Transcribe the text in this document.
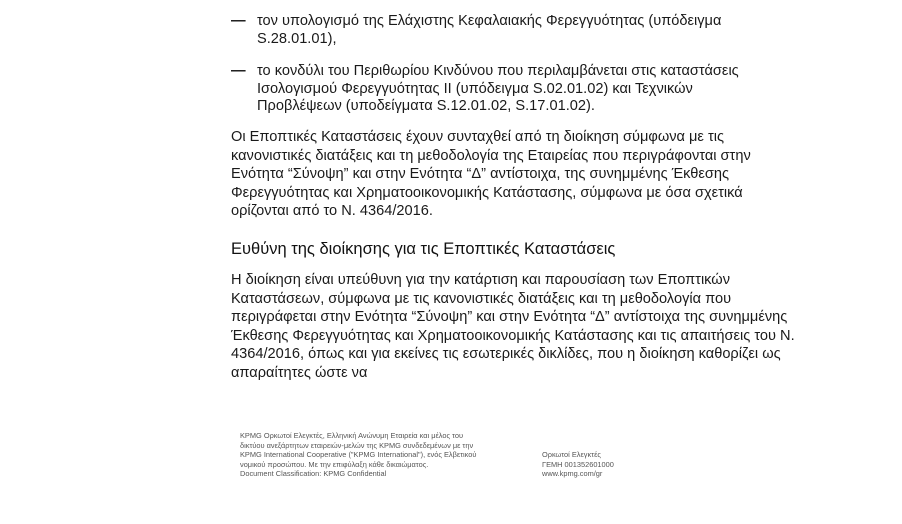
— τον υπολογισμό της Ελάχιστης Κεφαλαιακής Φερεγγυότητας (υπόδειγμα S.28.01.01),
— το κονδύλι του Περιθωρίου Κινδύνου που περιλαμβάνεται στις καταστάσεις Ισολογισμού Φερεγγυότητας II (υπόδειγμα S.02.01.02) και Τεχνικών Προβλέψεων (υποδείγματα S.12.01.02, S.17.01.02).

Οι Εποπτικές Καταστάσεις έχουν συνταχθεί από τη διοίκηση σύμφωνα με τις κανονιστικές διατάξεις και τη μεθοδολογία της Εταιρείας που περιγράφονται στην Ενότητα “Σύνοψη” και στην Ενότητα “Δ” αντίστοιχα, της συνημμένης Έκθεσης Φερεγγυότητας και Χρηματοοικονομικής Κατάστασης, σύμφωνα με όσα σχετικά ορίζονται από το Ν. 4364/2016.

Ευθύνη της διοίκησης για τις Εποπτικές Καταστάσεις

Η διοίκηση είναι υπεύθυνη για την κατάρτιση και παρουσίαση των Εποπτικών Καταστάσεων, σύμφωνα με τις κανονιστικές διατάξεις και τη μεθοδολογία που περιγράφεται στην Ενότητα “Σύνοψη” και στην Ενότητα “Δ” αντίστοιχα της συνημμένης Έκθεσης Φερεγγυότητας και Χρηματοοικονομικής Κατάστασης και τις απαιτήσεις του Ν. 4364/2016, όπως και για εκείνες τις εσωτερικές δικλίδες, που η διοίκηση καθορίζει ως απαραίτητες ώστε να

KPMG Ορκωτοί Ελεγκτές, Ελληνική Ανώνυμη Εταιρεία και μέλος του
δικτύου ανεξάρτητων εταιρειών-μελών της KPMG συνδεδεμένων με την
KPMG International Cooperative ("KPMG International"), ενός Ελβετικού
νομικού προσώπου. Με την επιφύλαξη κάθε δικαιώματος.
Document Classification: KPMG Confidential
Ορκωτοί Ελεγκτές
ΓΕΜΗ 001352601000
www.kpmg.com/gr
